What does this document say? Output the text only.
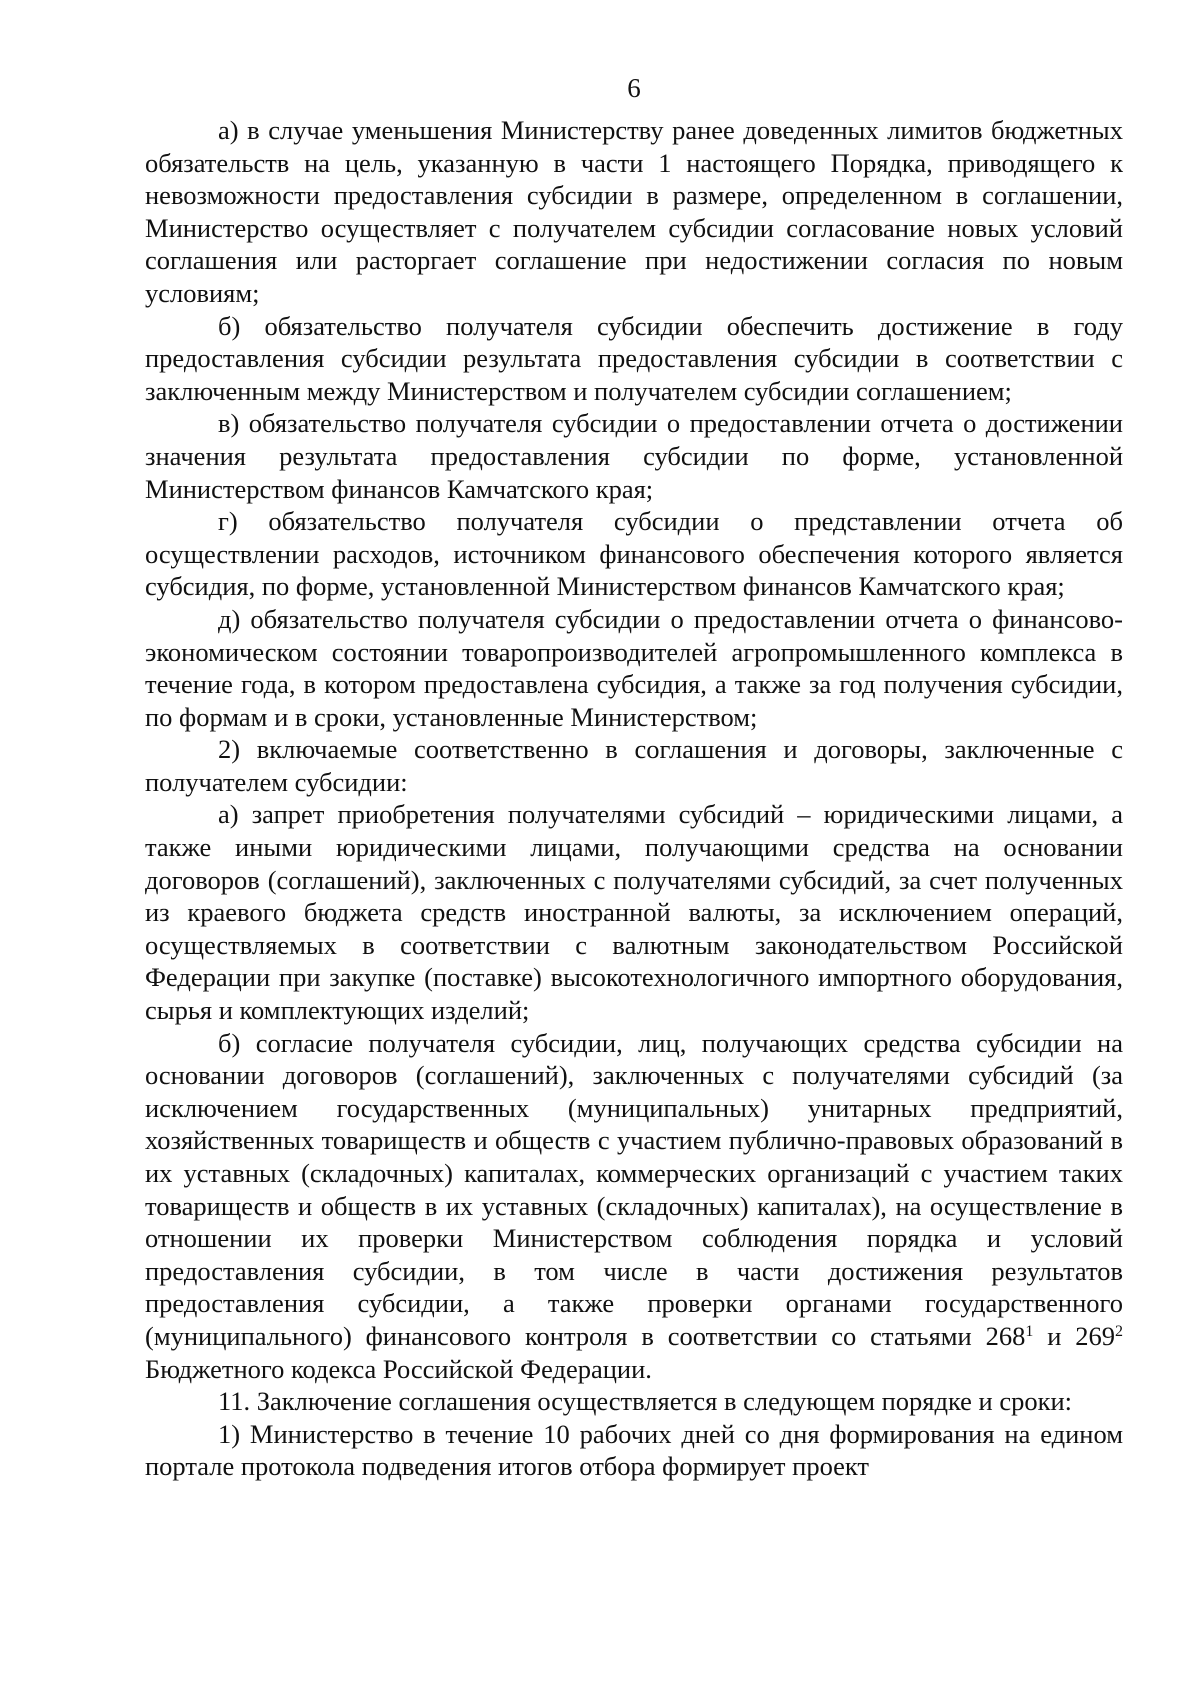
6

а) в случае уменьшения Министерству ранее доведенных лимитов бюджетных обязательств на цель, указанную в части 1 настоящего Порядка, приводящего к невозможности предоставления субсидии в размере, определенном в соглашении, Министерство осуществляет с получателем субсидии согласование новых условий соглашения или расторгает соглашение при недостижении согласия по новым условиям;

б) обязательство получателя субсидии обеспечить достижение в году предоставления субсидии результата предоставления субсидии в соответствии с заключенным между Министерством и получателем субсидии соглашением;

в) обязательство получателя субсидии о предоставлении отчета о достижении значения результата предоставления субсидии по форме, установленной Министерством финансов Камчатского края;

г) обязательство получателя субсидии о представлении отчета об осуществлении расходов, источником финансового обеспечения которого является субсидия, по форме, установленной Министерством финансов Камчатского края;

д) обязательство получателя субсидии о предоставлении отчета о финансово-экономическом состоянии товаропроизводителей агропромышленного комплекса в течение года, в котором предоставлена субсидия, а также за год получения субсидии, по формам и в сроки, установленные Министерством;

2) включаемые соответственно в соглашения и договоры, заключенные с получателем субсидии:

а) запрет приобретения получателями субсидий – юридическими лицами, а также иными юридическими лицами, получающими средства на основании договоров (соглашений), заключенных с получателями субсидий, за счет полученных из краевого бюджета средств иностранной валюты, за исключением операций, осуществляемых в соответствии с валютным законодательством Российской Федерации при закупке (поставке) высокотехнологичного импортного оборудования, сырья и комплектующих изделий;

б) согласие получателя субсидии, лиц, получающих средства субсидии на основании договоров (соглашений), заключенных с получателями субсидий (за исключением государственных (муниципальных) унитарных предприятий, хозяйственных товариществ и обществ с участием публично-правовых образований в их уставных (складочных) капиталах, коммерческих организаций с участием таких товариществ и обществ в их уставных (складочных) капиталах), на осуществление в отношении их проверки Министерством соблюдения порядка и условий предоставления субсидии, в том числе в части достижения результатов предоставления субсидии, а также проверки органами государственного (муниципального) финансового контроля в соответствии со статьями $268^1$ и $269^2$ Бюджетного кодекса Российской Федерации.

11. Заключение соглашения осуществляется в следующем порядке и сроки:

1) Министерство в течение 10 рабочих дней со дня формирования на едином портале протокола подведения итогов отбора формирует проект
